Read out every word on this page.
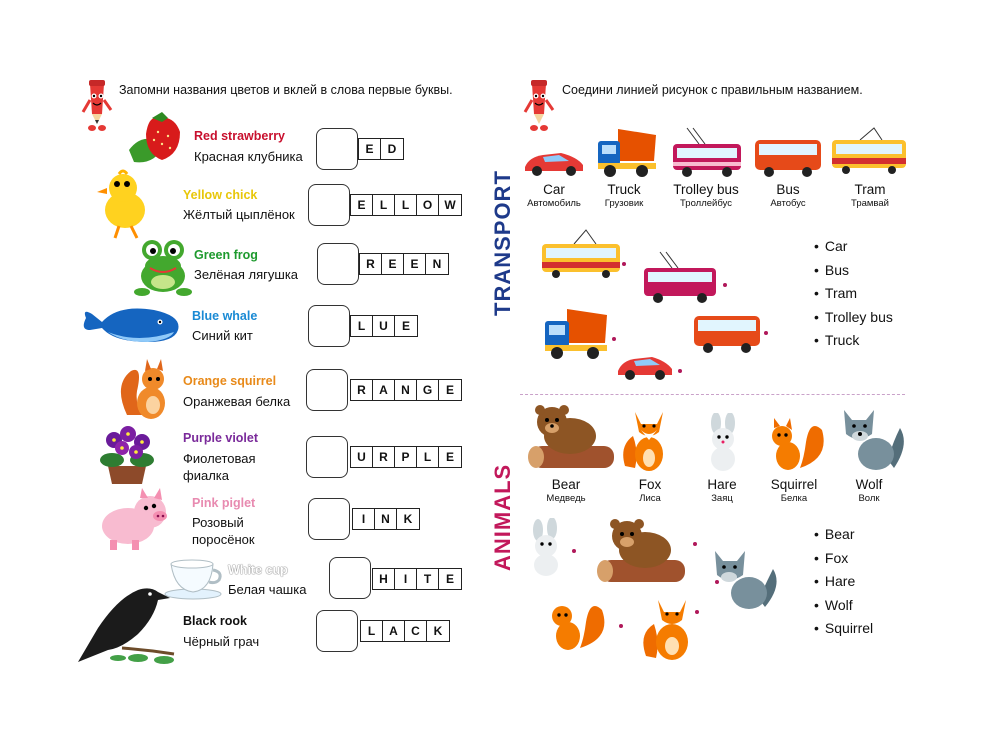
Запомни названия цветов и вклей в слова первые буквы.
Red strawberry
Красная клубника	E	D
Yellow chick
Жёлтый цыплёнок
E	L	L	O	W
Green frog
Зелёная лягушка
R	E	E	N
Blue whale
Синий кит
L	U	E
Orange squirrel
Оранжевая белка
R	A	N	G	E
Purple violet
Фиолетовая фиалка
U	R	P	L	E
Pink piglet
Розовый поросёнок
I	N	K
White cup
Белая чашка
H	I	T	E
Black rook
Чёрный грач
L	A	C	K
Соедини линией рисунок с правильным названием.
TRANSPORT	Car
Автомобиль
Truck
Грузовик
Trolley bus
Троллейбус
Bus
Автобус
Tram
Трамвай
• Car
• Bus
• Tram
• Trolley bus
• Truck
ANIMALS	Bear
Медведь
Fox
Лиса
Hare
Заяц
Squirrel
Белка
Wolf
Волк
• Bear
• Fox
• Hare
• Wolf
• Squirrel
